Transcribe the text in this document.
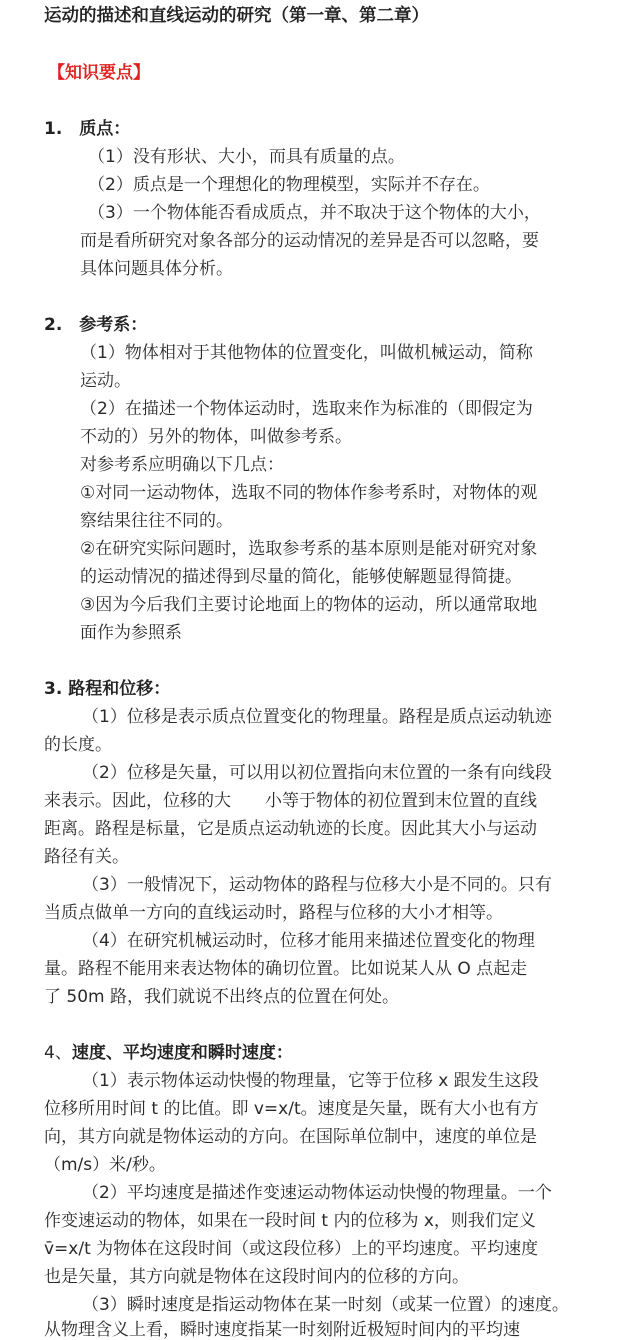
运动的描述和直线运动的研究（第一章、第二章）
【知识要点】
1.　质点：
（1）没有形状、大小，而具有质量的点。
（2）质点是一个理想化的物理模型，实际并不存在。
（3）一个物体能否看成质点，并不取决于这个物体的大小，
而是看所研究对象各部分的运动情况的差异是否可以忽略，要
具体问题具体分析。
2.　参考系：
（1）物体相对于其他物体的位置变化，叫做机械运动，简称
运动。
（2）在描述一个物体运动时，选取来作为标准的（即假定为
不动的）另外的物体，叫做参考系。
对参考系应明确以下几点：
①对同一运动物体，选取不同的物体作参考系时，对物体的观
察结果往往不同的。
②在研究实际问题时，选取参考系的基本原则是能对研究对象
的运动情况的描述得到尽量的简化，能够使解题显得简捷。
③因为今后我们主要讨论地面上的物体的运动，所以通常取地
面作为参照系
3. 路程和位移：
（1）位移是表示质点位置变化的物理量。路程是质点运动轨迹
的长度。
（2）位移是矢量，可以用以初位置指向末位置的一条有向线段
来表示。因此，位移的大　　小等于物体的初位置到末位置的直线
距离。路程是标量，它是质点运动轨迹的长度。因此其大小与运动
路径有关。
（3）一般情况下，运动物体的路程与位移大小是不同的。只有
当质点做单一方向的直线运动时，路程与位移的大小才相等。
（4）在研究机械运动时，位移才能用来描述位置变化的物理
量。路程不能用来表达物体的确切位置。比如说某人从 O 点起走
了 50m 路，我们就说不出终点的位置在何处。
4、速度、平均速度和瞬时速度：
（1）表示物体运动快慢的物理量，它等于位移 x 跟发生这段
位移所用时间 t 的比值。即 v=x/t。速度是矢量，既有大小也有方
向，其方向就是物体运动的方向。在国际单位制中，速度的单位是
（m/s）米/秒。
（2）平均速度是描述作变速运动物体运动快慢的物理量。一个
作变速运动的物体，如果在一段时间 t 内的位移为 x，则我们定义
v̄=x/t 为物体在这段时间（或这段位移）上的平均速度。平均速度
也是矢量，其方向就是物体在这段时间内的位移的方向。
（3）瞬时速度是指运动物体在某一时刻（或某一位置）的速度。
从物理含义上看，瞬时速度指某一时刻附近极短时间内的平均速
